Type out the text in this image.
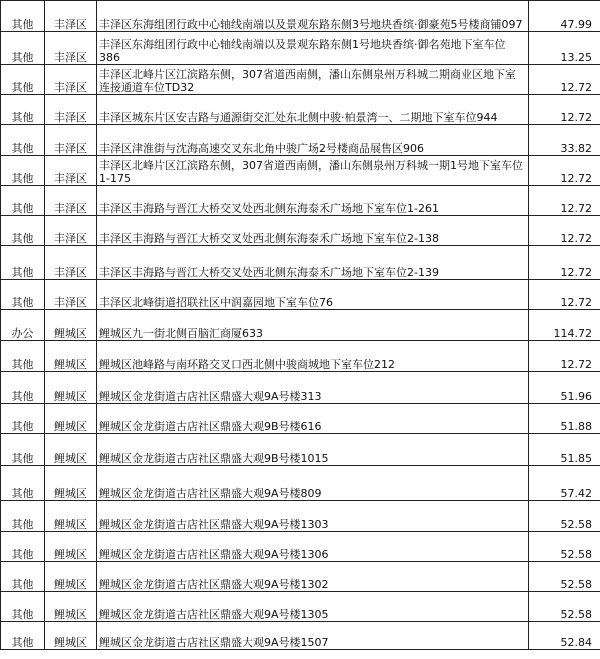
其他	丰泽区	丰泽区东海组团行政中心轴线南端以及景观东路东侧3号地块香缤·御豪苑5号楼商铺097	47.99
其他	丰泽区	丰泽区东海组团行政中心轴线南端以及景观东路东侧1号地块香缤·御名苑地下室车位386	13.25
其他	丰泽区	丰泽区北峰片区江滨路东侧，307省道西南侧，潘山东侧泉州万科城二期商业区地下室连接通道车位TD32	12.72
其他	丰泽区	丰泽区城东片区安吉路与通源街交汇处东北侧中骏·柏景湾一、二期地下室车位944	12.72
其他	丰泽区	丰泽区津淮街与沈海高速交叉东北角中骏广场2号楼商品展售区906	33.82
其他	丰泽区	丰泽区北峰片区江滨路东侧，307省道西南侧，潘山东侧泉州万科城一期1号地下室车位1-175	12.72
其他	丰泽区	丰泽区丰海路与晋江大桥交叉处西北侧东海泰禾广场地下室车位1-261	12.72
其他	丰泽区	丰泽区丰海路与晋江大桥交叉处西北侧东海泰禾广场地下室车位2-138	12.72
其他	丰泽区	丰泽区丰海路与晋江大桥交叉处西北侧东海泰禾广场地下室车位2-139	12.72
其他	丰泽区	丰泽区北峰街道招联社区中润嘉园地下室车位76	12.72
办公	鲤城区	鲤城区九一街北侧百脑汇商厦633	114.72
其他	鲤城区	鲤城区池峰路与南环路交叉口西北侧中骏商城地下室车位212	12.72
其他	鲤城区	鲤城区金龙街道古店社区鼎盛大观9A号楼313	51.96
其他	鲤城区	鲤城区金龙街道古店社区鼎盛大观9B号楼616	51.88
其他	鲤城区	鲤城区金龙街道古店社区鼎盛大观9B号楼1015	51.85
其他	鲤城区	鲤城区金龙街道古店社区鼎盛大观9A号楼809	57.42
其他	鲤城区	鲤城区金龙街道古店社区鼎盛大观9A号楼1303	52.58
其他	鲤城区	鲤城区金龙街道古店社区鼎盛大观9A号楼1306	52.58
其他	鲤城区	鲤城区金龙街道古店社区鼎盛大观9A号楼1302	52.58
其他	鲤城区	鲤城区金龙街道古店社区鼎盛大观9A号楼1305	52.58
其他	鲤城区	鲤城区金龙街道古店社区鼎盛大观9A号楼1507	52.84
